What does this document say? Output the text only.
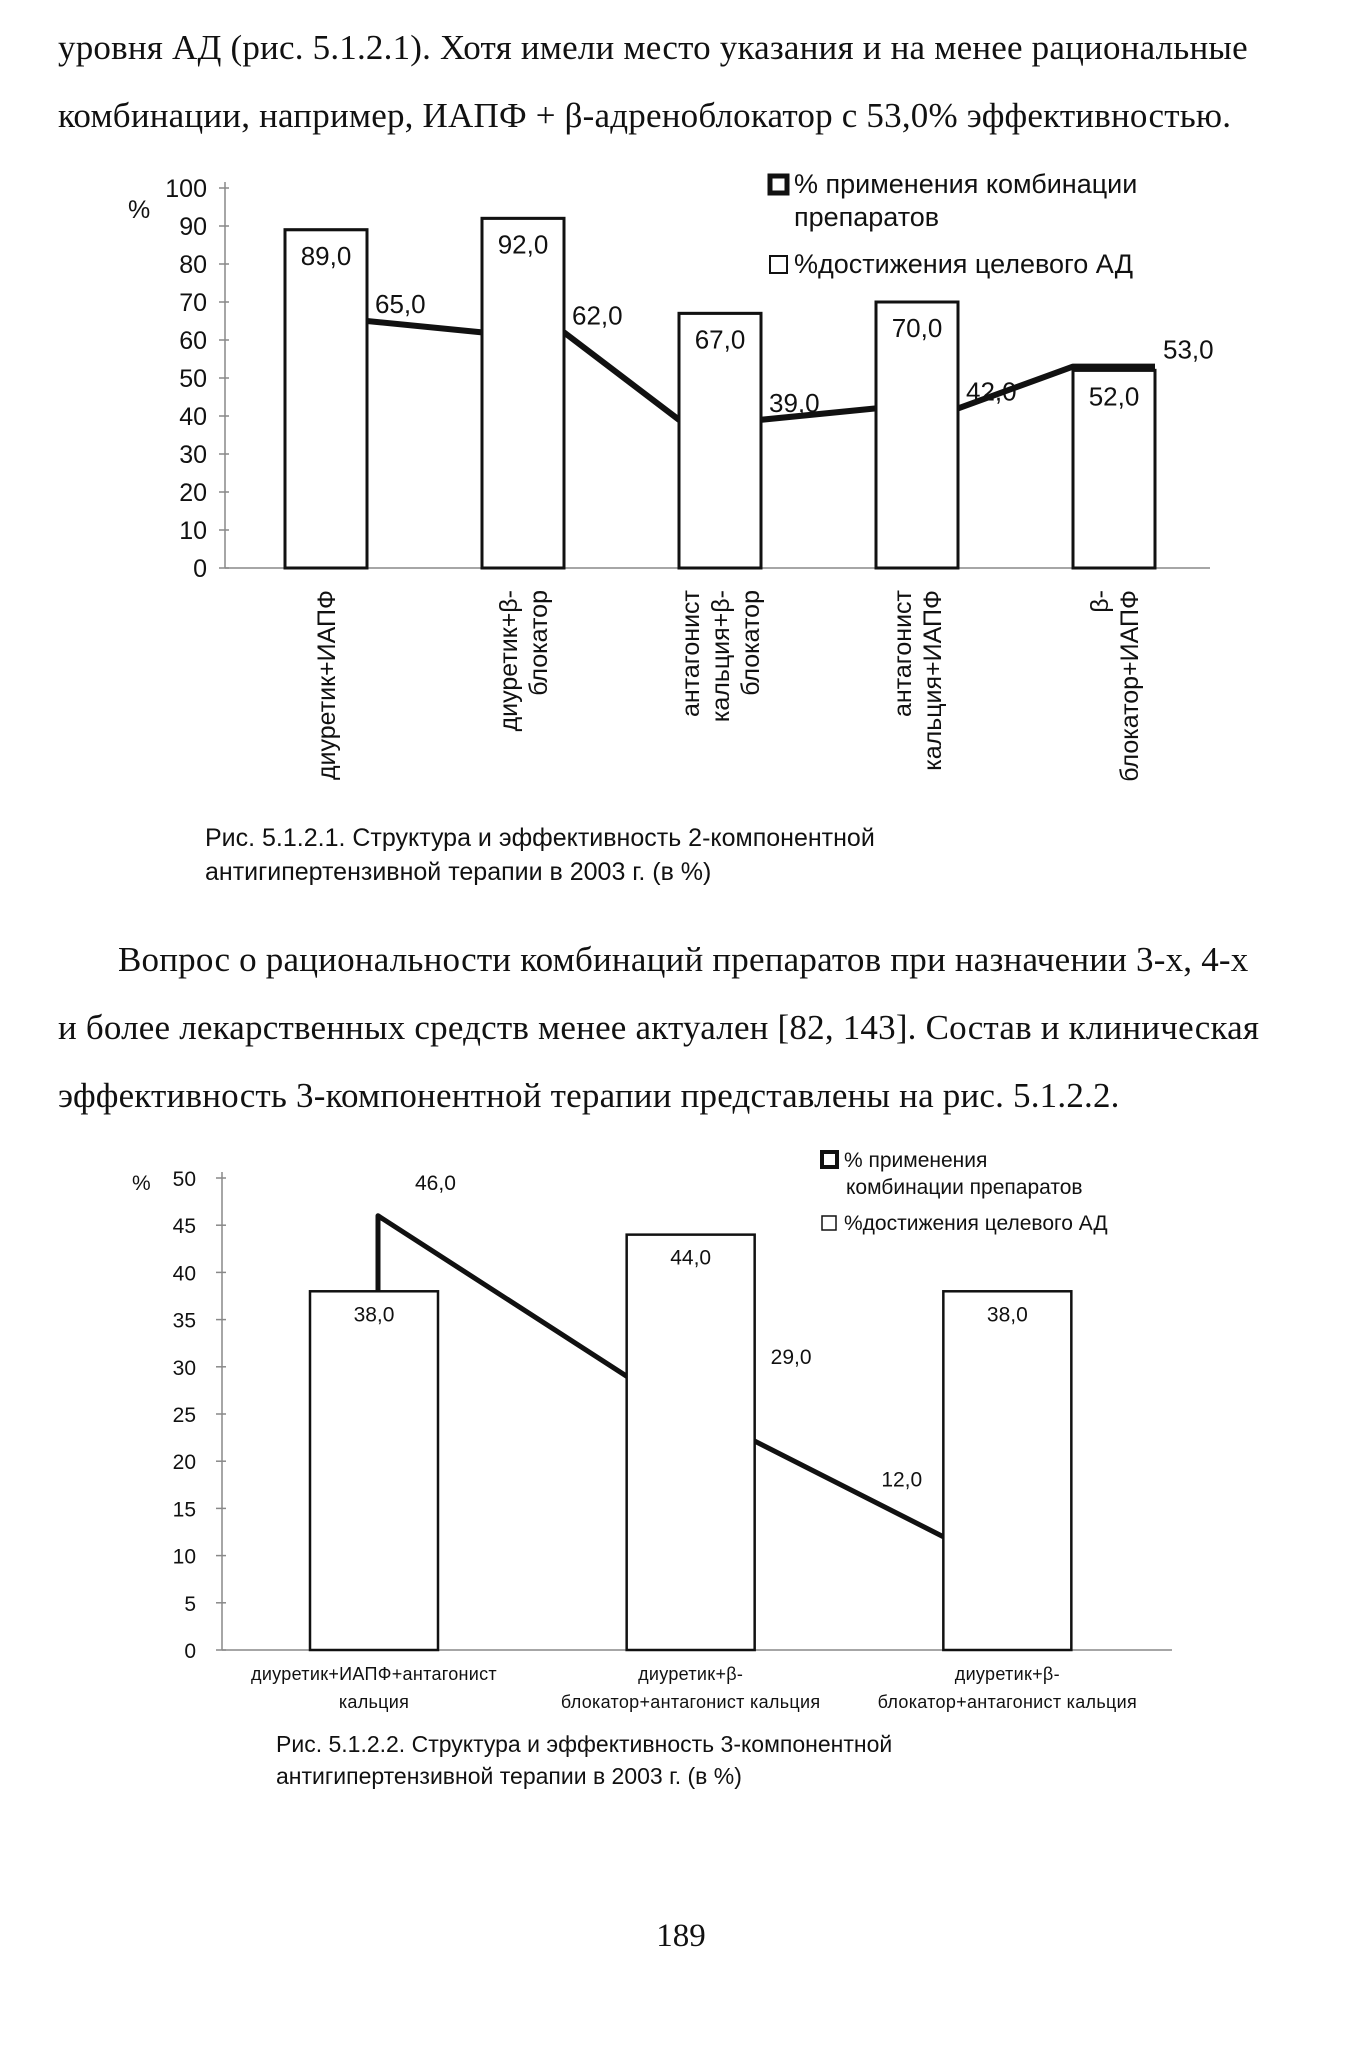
уровня АД (рис. 5.1.2.1). Хотя имели место указания и на менее рациональные
комбинации, например, ИАПФ + β-адреноблокатор с 53,0% эффективностью.
0
10
20
30
40
50
60
70
80
90
100
%
89,0	92,0
67,0	70,0
52,0
65,0	62,0
39,0	42,0
53,0
диуретик+ИАПФ	диуретик+β- блокатор	антагонист кальция+β- блокатор	антагонист кальция+ИАПФ	β- блокатор+ИАПФ
% применения комбинации
препаратов
%достижения целевого АД
Рис. 5.1.2.1. Структура и эффективность 2-компонентной
антигипертензивной терапии в 2003 г. (в %)
Вопрос о рациональности комбинаций препаратов при назначении 3-х, 4-х
и более лекарственных средств менее актуален [82, 143]. Состав и клиническая
эффективность 3-компонентной терапии представлены на рис. 5.1.2.2.
0
5
10
15
20
25
30
35
40
45
50
%
38,0
44,0
38,0
46,0
29,0
12,0
диуретик+ИАПФ+антагонист
кальция
диуретик+β-
блокатор+антагонист кальция
диуретик+β-
блокатор+антагонист кальция
% применения
комбинации препаратов
%достижения целевого АД
Рис. 5.1.2.2. Структура и эффективность 3-компонентной
антигипертензивной терапии в 2003 г. (в %)
189
